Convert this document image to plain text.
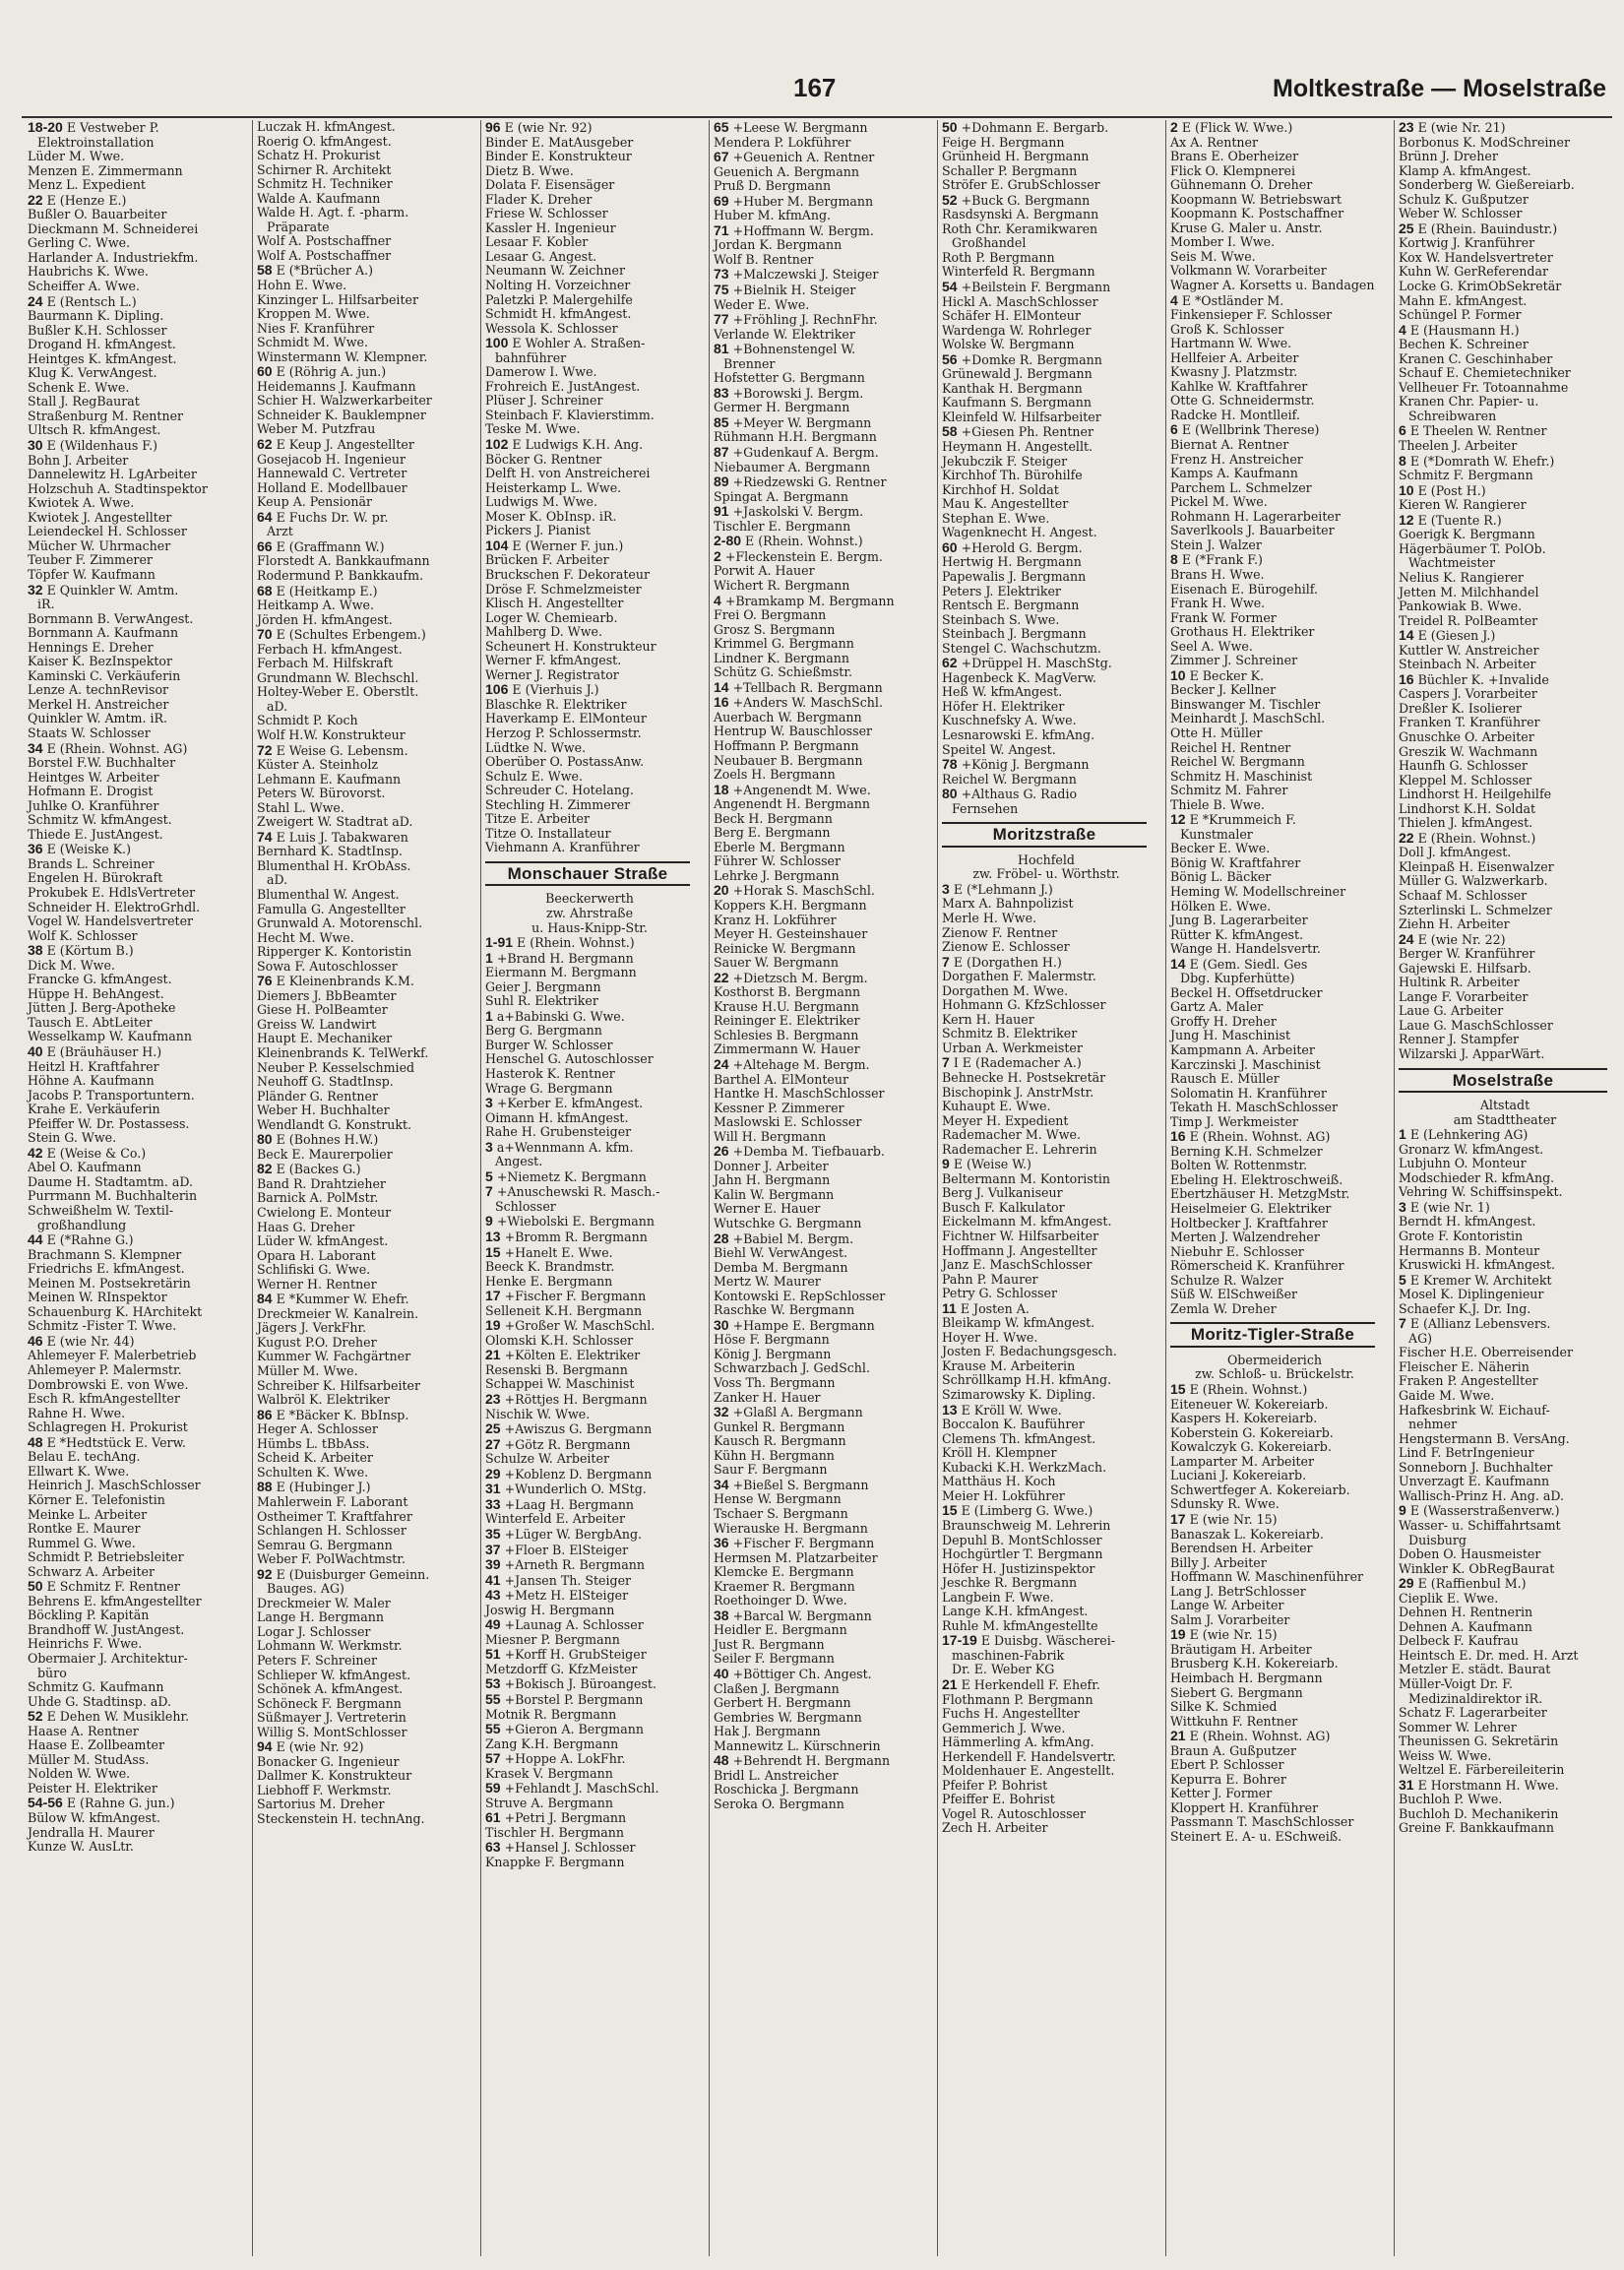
167	Moltkestraße — Moselstraße
18-20 E Vestweber P.
Elektroinstallation
Lüder M. Wwe.
Menzen E. Zimmermann
Menz L. Expedient
22 E (Henze E.)
Bußler O. Bauarbeiter
Dieckmann M. Schneiderei
Gerling C. Wwe.
Harlander A. Industriekfm.
Haubrichs K. Wwe.
Scheiffer A. Wwe.
24 E (Rentsch L.)
Baurmann K. Dipling.
Bußler K.H. Schlosser
Drogand H. kfmAngest.
Heintges K. kfmAngest.
Klug K. VerwAngest.
Schenk E. Wwe.
Stall J. RegBaurat
Straßenburg M. Rentner
Ultsch R. kfmAngest.
30 E (Wildenhaus F.)
Bohn J. Arbeiter
Dannelewitz H. LgArbeiter
Holzschuh A. Stadtinspektor
Kwiotek A. Wwe.
Kwiotek J. Angestellter
Leiendeckel H. Schlosser
Mücher W. Uhrmacher
Teuber F. Zimmerer
Töpfer W. Kaufmann
32 E Quinkler W. Amtm.
iR.
Bornmann B. VerwAngest.
Bornmann A. Kaufmann
Hennings E. Dreher
Kaiser K. BezInspektor
Kaminski C. Verkäuferin
Lenze A. technRevisor
Merkel H. Anstreicher
Quinkler W. Amtm. iR.
Staats W. Schlosser
34 E (Rhein. Wohnst. AG)
Borstel F.W. Buchhalter
Heintges W. Arbeiter
Hofmann E. Drogist
Juhlke O. Kranführer
Schmitz W. kfmAngest.
Thiede E. JustAngest.
36 E (Weiske K.)
Brands L. Schreiner
Engelen H. Bürokraft
Prokubek E. HdlsVertreter
Schneider H. ElektroGrhdl.
Vogel W. Handelsvertreter
Wolf K. Schlosser
38 E (Körtum B.)
Dick M. Wwe.
Francke G. kfmAngest.
Hüppe H. BehAngest.
Jütten J. Berg-Apotheke
Tausch E. AbtLeiter
Wesselkamp W. Kaufmann
40 E (Bräuhäuser H.)
Heitzl H. Kraftfahrer
Höhne A. Kaufmann
Jacobs P. Transportuntern.
Krahe E. Verkäuferin
Pfeiffer W. Dr. Postassess.
Stein G. Wwe.
42 E (Weise & Co.)
Abel O. Kaufmann
Daume H. Stadtamtm. aD.
Purrmann M. Buchhalterin
Schweißhelm W. Textil-
großhandlung
44 E (*Rahne G.)
Brachmann S. Klempner
Friedrichs E. kfmAngest.
Meinen M. Postsekretärin
Meinen W. RInspektor
Schauenburg K. HArchitekt
Schmitz -Fister T. Wwe.
46 E (wie Nr. 44)
Ahlemeyer F. Malerbetrieb
Ahlemeyer P. Malermstr.
Dombrowski E. von Wwe.
Esch R. kfmAngestellter
Rahne H. Wwe.
Schlagregen H. Prokurist
48 E *Hedtstück E. Verw.
Belau E. techAng.
Ellwart K. Wwe.
Heinrich J. MaschSchlosser
Körner E. Telefonistin
Meinke L. Arbeiter
Rontke E. Maurer
Rummel G. Wwe.
Schmidt P. Betriebsleiter
Schwarz A. Arbeiter
50 E Schmitz F. Rentner
Behrens E. kfmAngestellter
Böckling P. Kapitän
Brandhoff W. JustAngest.
Heinrichs F. Wwe.
Obermaier J. Architektur-
büro
Schmitz G. Kaufmann
Uhde G. Stadtinsp. aD.
52 E Dehen W. Musiklehr.
Haase A. Rentner
Haase E. Zollbeamter
Müller M. StudAss.
Nolden W. Wwe.
Peister H. Elektriker
54-56 E (Rahne G. jun.)
Bülow W. kfmAngest.
Jendralla H. Maurer
Kunze W. AusLtr.
Luczak H. kfmAngest.
Roerig O. kfmAngest.
Schatz H. Prokurist
Schirner R. Architekt
Schmitz H. Techniker
Walde A. Kaufmann
Walde H. Agt. f. -pharm.
Präparate
Wolf A. Postschaffner
Wolf A. Postschaffner
58 E (*Brücher A.)
Hohn E. Wwe.
Kinzinger L. Hilfsarbeiter
Kroppen M. Wwe.
Nies F. Kranführer
Schmidt M. Wwe.
Winstermann W. Klempner.
60 E (Röhrig A. jun.)
Heidemanns J. Kaufmann
Schier H. Walzwerkarbeiter
Schneider K. Bauklempner
Weber M. Putzfrau
62 E Keup J. Angestellter
Gosejacob H. Ingenieur
Hannewald C. Vertreter
Holland E. Modellbauer
Keup A. Pensionär
64 E Fuchs Dr. W. pr.
Arzt
66 E (Graffmann W.)
Florstedt A. Bankkaufmann
Rodermund P. Bankkaufm.
68 E (Heitkamp E.)
Heitkamp A. Wwe.
Jörden H. kfmAngest.
70 E (Schultes Erbengem.)
Ferbach H. kfmAngest.
Ferbach M. Hilfskraft
Grundmann W. Blechschl.
Holtey-Weber E. Oberstlt.
aD.
Schmidt P. Koch
Wolf H.W. Konstrukteur
72 E Weise G. Lebensm.
Küster A. Steinholz
Lehmann E. Kaufmann
Peters W. Bürovorst.
Stahl L. Wwe.
Zweigert W. Stadtrat aD.
74 E Luis J. Tabakwaren
Bernhard K. StadtInsp.
Blumenthal H. KrObAss.
aD.
Blumenthal W. Angest.
Famulla G. Angestellter
Grunwald A. Motorenschl.
Hecht M. Wwe.
Ripperger K. Kontoristin
Sowa F. Autoschlosser
76 E Kleinenbrands K.M.
Diemers J. BbBeamter
Giese H. PolBeamter
Greiss W. Landwirt
Haupt E. Mechaniker
Kleinenbrands K. TelWerkf.
Neuber P. Kesselschmied
Neuhoff G. StadtInsp.
Pländer G. Rentner
Weber H. Buchhalter
Wendlandt G. Konstrukt.
80 E (Bohnes H.W.)
Beck E. Maurerpolier
82 E (Backes G.)
Band R. Drahtzieher
Barnick A. PolMstr.
Cwielong E. Monteur
Haas G. Dreher
Lüder W. kfmAngest.
Opara H. Laborant
Schlifiski G. Wwe.
Werner H. Rentner
84 E *Kummer W. Ehefr.
Dreckmeier W. Kanalrein.
Jägers J. VerkFhr.
Kugust P.O. Dreher
Kummer W. Fachgärtner
Müller M. Wwe.
Schreiber K. Hilfsarbeiter
Walbröl K. Elektriker
86 E *Bäcker K. BbInsp.
Heger A. Schlosser
Hümbs L. tBbAss.
Scheid K. Arbeiter
Schulten K. Wwe.
88 E (Hubinger J.)
Mahlerwein F. Laborant
Ostheimer T. Kraftfahrer
Schlangen H. Schlosser
Semrau G. Bergmann
Weber F. PolWachtmstr.
92 E (Duisburger Gemeinn.
Bauges. AG)
Dreckmeier W. Maler
Lange H. Bergmann
Logar J. Schlosser
Lohmann W. Werkmstr.
Peters F. Schreiner
Schlieper W. kfmAngest.
Schönek A. kfmAngest.
Schöneck F. Bergmann
Süßmayer J. Vertreterin
Willig S. MontSchlosser
94 E (wie Nr. 92)
Bonacker G. Ingenieur
Dallmer K. Konstrukteur
Liebhoff F. Werkmstr.
Sartorius M. Dreher
Steckenstein H. technAng.
96 E (wie Nr. 92)
Binder E. MatAusgeber
Binder E. Konstrukteur
Dietz B. Wwe.
Dolata F. Eisensäger
Flader K. Dreher
Friese W. Schlosser
Kassler H. Ingenieur
Lesaar F. Kobler
Lesaar G. Angest.
Neumann W. Zeichner
Nolting H. Vorzeichner
Paletzki P. Malergehilfe
Schmidt H. kfmAngest.
Wessola K. Schlosser
100 E Wohler A. Straßen-
bahnführer
Damerow I. Wwe.
Frohreich E. JustAngest.
Plüser J. Schreiner
Steinbach F. Klavierstimm.
Teske M. Wwe.
102 E Ludwigs K.H. Ang.
Böcker G. Rentner
Delft H. von Anstreicherei
Heisterkamp L. Wwe.
Ludwigs M. Wwe.
Moser K. ObInsp. iR.
Pickers J. Pianist
104 E (Werner F. jun.)
Brücken F. Arbeiter
Bruckschen F. Dekorateur
Dröse F. Schmelzmeister
Klisch H. Angestellter
Loger W. Chemiearb.
Mahlberg D. Wwe.
Scheunert H. Konstrukteur
Werner F. kfmAngest.
Werner J. Registrator
106 E (Vierhuis J.)
Blaschke R. Elektriker
Haverkamp E. ElMonteur
Herzog P. Schlossermstr.
Lüdtke N. Wwe.
Oberüber O. PostassAnw.
Schulz E. Wwe.
Schreuder C. Hotelang.
Stechling H. Zimmerer
Titze E. Arbeiter
Titze O. Installateur
Viehmann A. Kranführer
Monschauer Straße
Beeckerwerth
zw. Ahrstraße
u. Haus-Knipp-Str.
1-91 E (Rhein. Wohnst.)
1 +Brand H. Bergmann
Eiermann M. Bergmann
Geier J. Bergmann
Suhl R. Elektriker
1 a+Babinski G. Wwe.
Berg G. Bergmann
Burger W. Schlosser
Henschel G. Autoschlosser
Hasterok K. Rentner
Wrage G. Bergmann
3 +Kerber E. kfmAngest.
Oimann H. kfmAngest.
Rahe H. Grubensteiger
3 a+Wennmann A. kfm.
Angest.
5 +Niemetz K. Bergmann
7 +Anuschewski R. Masch.-
Schlosser
9 +Wiebolski E. Bergmann
13 +Bromm R. Bergmann
15 +Hanelt E. Wwe.
Beeck K. Brandmstr.
Henke E. Bergmann
17 +Fischer F. Bergmann
Selleneit K.H. Bergmann
19 +Großer W. MaschSchl.
Olomski K.H. Schlosser
21 +Költen E. Elektriker
Resenski B. Bergmann
Schappei W. Maschinist
23 +Röttjes H. Bergmann
Nischik W. Wwe.
25 +Awiszus G. Bergmann
27 +Götz R. Bergmann
Schulze W. Arbeiter
29 +Koblenz D. Bergmann
31 +Wunderlich O. MStg.
33 +Laag H. Bergmann
Winterfeld E. Arbeiter
35 +Lüger W. BergbAng.
37 +Floer B. ElSteiger
39 +Arneth R. Bergmann
41 +Jansen Th. Steiger
43 +Metz H. ElSteiger
Joswig H. Bergmann
49 +Launag A. Schlosser
Miesner P. Bergmann
51 +Korff H. GrubSteiger
Metzdorff G. KfzMeister
53 +Bokisch J. Büroangest.
55 +Borstel P. Bergmann
Motnik R. Bergmann
55 +Gieron A. Bergmann
Zang K.H. Bergmann
57 +Hoppe A. LokFhr.
Krasek V. Bergmann
59 +Fehlandt J. MaschSchl.
Struve A. Bergmann
61 +Petri J. Bergmann
Tischler H. Bergmann
63 +Hansel J. Schlosser
Knappke F. Bergmann
65 +Leese W. Bergmann
Mendera P. Lokführer
67 +Geuenich A. Rentner
Geuenich A. Bergmann
Pruß D. Bergmann
69 +Huber M. Bergmann
Huber M. kfmAng.
71 +Hoffmann W. Bergm.
Jordan K. Bergmann
Wolf B. Rentner
73 +Malczewski J. Steiger
75 +Bielnik H. Steiger
Weder E. Wwe.
77 +Fröhling J. RechnFhr.
Verlande W. Elektriker
81 +Bohnenstengel W.
Brenner
Hofstetter G. Bergmann
83 +Borowski J. Bergm.
Germer H. Bergmann
85 +Meyer W. Bergmann
Rühmann H.H. Bergmann
87 +Gudenkauf A. Bergm.
Niebaumer A. Bergmann
89 +Riedzewski G. Rentner
Spingat A. Bergmann
91 +Jaskolski V. Bergm.
Tischler E. Bergmann
2-80 E (Rhein. Wohnst.)
2 +Fleckenstein E. Bergm.
Porwit A. Hauer
Wichert R. Bergmann
4 +Bramkamp M. Bergmann
Frei O. Bergmann
Grosz S. Bergmann
Krimmel G. Bergmann
Lindner K. Bergmann
Schütz G. Schießmstr.
14 +Tellbach R. Bergmann
16 +Anders W. MaschSchl.
Auerbach W. Bergmann
Hentrup W. Bauschlosser
Hoffmann P. Bergmann
Neubauer B. Bergmann
Zoels H. Bergmann
18 +Angenendt M. Wwe.
Angenendt H. Bergmann
Beck H. Bergmann
Berg E. Bergmann
Eberle M. Bergmann
Führer W. Schlosser
Lehrke J. Bergmann
20 +Horak S. MaschSchl.
Koppers K.H. Bergmann
Kranz H. Lokführer
Meyer H. Gesteinshauer
Reinicke W. Bergmann
Sauer W. Bergmann
22 +Dietzsch M. Bergm.
Kosthorst B. Bergmann
Krause H.U. Bergmann
Reininger E. Elektriker
Schlesies B. Bergmann
Zimmermann W. Hauer
24 +Altehage M. Bergm.
Barthel A. ElMonteur
Hantke H. MaschSchlosser
Kessner P. Zimmerer
Maslowski E. Schlosser
Will H. Bergmann
26 +Demba M. Tiefbauarb.
Donner J. Arbeiter
Jahn H. Bergmann
Kalin W. Bergmann
Werner E. Hauer
Wutschke G. Bergmann
28 +Babiel M. Bergm.
Biehl W. VerwAngest.
Demba M. Bergmann
Mertz W. Maurer
Kontowski E. RepSchlosser
Raschke W. Bergmann
30 +Hampe E. Bergmann
Höse F. Bergmann
König J. Bergmann
Schwarzbach J. GedSchl.
Voss Th. Bergmann
Zanker H. Hauer
32 +Glaßl A. Bergmann
Gunkel R. Bergmann
Kausch R. Bergmann
Kühn H. Bergmann
Saur F. Bergmann
34 +Bießel S. Bergmann
Hense W. Bergmann
Tschaer S. Bergmann
Wierauske H. Bergmann
36 +Fischer F. Bergmann
Hermsen M. Platzarbeiter
Klemcke E. Bergmann
Kraemer R. Bergmann
Roethoinger D. Wwe.
38 +Barcal W. Bergmann
Heidler E. Bergmann
Just R. Bergmann
Seiler F. Bergmann
40 +Böttiger Ch. Angest.
Claßen J. Bergmann
Gerbert H. Bergmann
Gembries W. Bergmann
Hak J. Bergmann
Mannewitz L. Kürschnerin
48 +Behrendt H. Bergmann
Bridl L. Anstreicher
Roschicka J. Bergmann
Seroka O. Bergmann
50 +Dohmann E. Bergarb.
Feige H. Bergmann
Grünheid H. Bergmann
Schaller P. Bergmann
Ströfer E. GrubSchlosser
52 +Buck G. Bergmann
Rasdsynski A. Bergmann
Roth Chr. Keramikwaren
Großhandel
Roth P. Bergmann
Winterfeld R. Bergmann
54 +Beilstein F. Bergmann
Hickl A. MaschSchlosser
Schäfer H. ElMonteur
Wardenga W. Rohrleger
Wolske W. Bergmann
56 +Domke R. Bergmann
Grünewald J. Bergmann
Kanthak H. Bergmann
Kaufmann S. Bergmann
Kleinfeld W. Hilfsarbeiter
58 +Giesen Ph. Rentner
Heymann H. Angestellt.
Jekubczik F. Steiger
Kirchhof Th. Bürohilfe
Kirchhof H. Soldat
Mau K. Angestellter
Stephan E. Wwe.
Wagenknecht H. Angest.
60 +Herold G. Bergm.
Hertwig H. Bergmann
Papewalis J. Bergmann
Peters J. Elektriker
Rentsch E. Bergmann
Steinbach S. Wwe.
Steinbach J. Bergmann
Stengel C. Wachschutzm.
62 +Drüppel H. MaschStg.
Hagenbeck K. MagVerw.
Heß W. kfmAngest.
Höfer H. Elektriker
Kuschnefsky A. Wwe.
Lesnarowski E. kfmAng.
Speitel W. Angest.
78 +König J. Bergmann
Reichel W. Bergmann
80 +Althaus G. Radio
Fernsehen
Moritzstraße
Hochfeld
zw. Fröbel- u. Wörthstr.
3 E (*Lehmann J.)
Marx A. Bahnpolizist
Merle H. Wwe.
Zienow F. Rentner
Zienow E. Schlosser
7 E (Dorgathen H.)
Dorgathen F. Malermstr.
Dorgathen M. Wwe.
Hohmann G. KfzSchlosser
Kern H. Hauer
Schmitz B. Elektriker
Urban A. Werkmeister
7 I E (Rademacher A.)
Behnecke H. Postsekretär
Bischopink J. AnstrMstr.
Kuhaupt E. Wwe.
Meyer H. Expedient
Rademacher M. Wwe.
Rademacher E. Lehrerin
9 E (Weise W.)
Beltermann M. Kontoristin
Berg J. Vulkaniseur
Busch F. Kalkulator
Eickelmann M. kfmAngest.
Fichtner W. Hilfsarbeiter
Hoffmann J. Angestellter
Janz E. MaschSchlosser
Pahn P. Maurer
Petry G. Schlosser
11 E Josten A.
Bleikamp W. kfmAngest.
Hoyer H. Wwe.
Josten F. Bedachungsgesch.
Krause M. Arbeiterin
Schröllkamp H.H. kfmAng.
Szimarowsky K. Dipling.
13 E Kröll W. Wwe.
Boccalon K. Bauführer
Clemens Th. kfmAngest.
Kröll H. Klempner
Kubacki K.H. WerkzMach.
Matthäus H. Koch
Meier H. Lokführer
15 E (Limberg G. Wwe.)
Braunschweig M. Lehrerin
Depuhl B. MontSchlosser
Hochgürtler T. Bergmann
Höfer H. Justizinspektor
Jeschke R. Bergmann
Langbein F. Wwe.
Lange K.H. kfmAngest.
Ruhle M. kfmAngestellte
17-19 E Duisbg. Wäscherei-
maschinen-Fabrik
Dr. E. Weber KG
21 E Herkendell F. Ehefr.
Flothmann P. Bergmann
Fuchs H. Angestellter
Gemmerich J. Wwe.
Hämmerling A. kfmAng.
Herkendell F. Handelsvertr.
Moldenhauer E. Angestellt.
Pfeifer P. Bohrist
Pfeiffer E. Bohrist
Vogel R. Autoschlosser
Zech H. Arbeiter
2 E (Flick W. Wwe.)
Ax A. Rentner
Brans E. Oberheizer
Flick O. Klempnerei
Gühnemann O. Dreher
Koopmann W. Betriebswart
Koopmann K. Postschaffner
Kruse G. Maler u. Anstr.
Momber I. Wwe.
Seis M. Wwe.
Volkmann W. Vorarbeiter
Wagner A. Korsetts u. Bandagen
4 E *Ostländer M.
Finkensieper F. Schlosser
Groß K. Schlosser
Hartmann W. Wwe.
Hellfeier A. Arbeiter
Kwasny J. Platzmstr.
Kahlke W. Kraftfahrer
Otte G. Schneidermstr.
Radcke H. Montlleif.
6 E (Wellbrink Therese)
Biernat A. Rentner
Frenz H. Anstreicher
Kamps A. Kaufmann
Parchem L. Schmelzer
Pickel M. Wwe.
Rohmann H. Lagerarbeiter
Saverlkools J. Bauarbeiter
Stein J. Walzer
8 E (*Frank F.)
Brans H. Wwe.
Eisenach E. Bürogehilf.
Frank H. Wwe.
Frank W. Former
Grothaus H. Elektriker
Seel A. Wwe.
Zimmer J. Schreiner
10 E Becker K.
Becker J. Kellner
Binswanger M. Tischler
Meinhardt J. MaschSchl.
Otte H. Müller
Reichel H. Rentner
Reichel W. Bergmann
Schmitz H. Maschinist
Schmitz M. Fahrer
Thiele B. Wwe.
12 E *Krummeich F.
Kunstmaler
Becker E. Wwe.
Bönig W. Kraftfahrer
Bönig L. Bäcker
Heming W. Modellschreiner
Hölken E. Wwe.
Jung B. Lagerarbeiter
Rütter K. kfmAngest.
Wange H. Handelsvertr.
14 E (Gem. Siedl. Ges
Dbg. Kupferhütte)
Beckel H. Offsetdrucker
Gartz A. Maler
Groffy H. Dreher
Jung H. Maschinist
Kampmann A. Arbeiter
Karczinski J. Maschinist
Rausch E. Müller
Solomatin H. Kranführer
Tekath H. MaschSchlosser
Timp J. Werkmeister
16 E (Rhein. Wohnst. AG)
Berning K.H. Schmelzer
Bolten W. Rottenmstr.
Ebeling H. Elektroschweiß.
Ebertzhäuser H. MetzgMstr.
Heiselmeier G. Elektriker
Holtbecker J. Kraftfahrer
Merten J. Walzendreher
Niebuhr E. Schlosser
Römerscheid K. Kranführer
Schulze R. Walzer
Süß W. ElSchweißer
Zemla W. Dreher
Moritz-Tigler-Straße
Obermeiderich
zw. Schloß- u. Brückelstr.
15 E (Rhein. Wohnst.)
Eiteneuer W. Kokereiarb.
Kaspers H. Kokereiarb.
Koberstein G. Kokereiarb.
Kowalczyk G. Kokereiarb.
Lamparter M. Arbeiter
Luciani J. Kokereiarb.
Schwertfeger A. Kokereiarb.
Sdunsky R. Wwe.
17 E (wie Nr. 15)
Banaszak L. Kokereiarb.
Berendsen H. Arbeiter
Billy J. Arbeiter
Hoffmann W. Maschinenführer
Lang J. BetrSchlosser
Lange W. Arbeiter
Salm J. Vorarbeiter
19 E (wie Nr. 15)
Bräutigam H. Arbeiter
Brusberg K.H. Kokereiarb.
Heimbach H. Bergmann
Siebert G. Bergmann
Silke K. Schmied
Wittkuhn F. Rentner
21 E (Rhein. Wohnst. AG)
Braun A. Gußputzer
Ebert P. Schlosser
Kepurra E. Bohrer
Ketter J. Former
Kloppert H. Kranführer
Passmann T. MaschSchlosser
Steinert E. A- u. ESchweiß.
23 E (wie Nr. 21)
Borbonus K. ModSchreiner
Brünn J. Dreher
Klamp A. kfmAngest.
Sonderberg W. Gießereiarb.
Schulz K. Gußputzer
Weber W. Schlosser
25 E (Rhein. Bauindustr.)
Kortwig J. Kranführer
Kox W. Handelsvertreter
Kuhn W. GerReferendar
Locke G. KrimObSekretär
Mahn E. kfmAngest.
Schüngel P. Former
4 E (Hausmann H.)
Bechen K. Schreiner
Kranen C. Geschinhaber
Schauf E. Chemietechniker
Vellheuer Fr. Totoannahme
Kranen Chr. Papier- u.
Schreibwaren
6 E Theelen W. Rentner
Theelen J. Arbeiter
8 E (*Domrath W. Ehefr.)
Schmitz F. Bergmann
10 E (Post H.)
Kieren W. Rangierer
12 E (Tuente R.)
Goerigk K. Bergmann
Hägerbäumer T. PolOb.
Wachtmeister
Nelius K. Rangierer
Jetten M. Milchhandel
Pankowiak B. Wwe.
Treidel R. PolBeamter
14 E (Giesen J.)
Kuttler W. Anstreicher
Steinbach N. Arbeiter
16 Büchler K. +Invalide
Caspers J. Vorarbeiter
Dreßler K. Isolierer
Franken T. Kranführer
Gnuschke O. Arbeiter
Greszik W. Wachmann
Haunfh G. Schlosser
Kleppel M. Schlosser
Lindhorst H. Heilgehilfe
Lindhorst K.H. Soldat
Thielen J. kfmAngest.
22 E (Rhein. Wohnst.)
Doll J. kfmAngest.
Kleinpaß H. Eisenwalzer
Müller G. Walzwerkarb.
Schaaf M. Schlosser
Szterlinski L. Schmelzer
Ziehn H. Arbeiter
24 E (wie Nr. 22)
Berger W. Kranführer
Gajewski E. Hilfsarb.
Hultink R. Arbeiter
Lange F. Vorarbeiter
Laue G. Arbeiter
Laue G. MaschSchlosser
Renner J. Stampfer
Wilzarski J. ApparWärt.
Moselstraße
Altstadt
am Stadttheater
1 E (Lehnkering AG)
Gronarz W. kfmAngest.
Lubjuhn O. Monteur
Modschieder R. kfmAng.
Vehring W. Schiffsinspekt.
3 E (wie Nr. 1)
Berndt H. kfmAngest.
Grote F. Kontoristin
Hermanns B. Monteur
Kruswicki H. kfmAngest.
5 E Kremer W. Architekt
Mosel K. Diplingenieur
Schaefer K.J. Dr. Ing.
7 E (Allianz Lebensvers.
AG)
Fischer H.E. Oberreisender
Fleischer E. Näherin
Fraken P. Angestellter
Gaide M. Wwe.
Hafkesbrink W. Eichauf-
nehmer
Hengstermann B. VersAng.
Lind F. BetrIngenieur
Sonneborn J. Buchhalter
Unverzagt E. Kaufmann
Wallisch-Prinz H. Ang. aD.
9 E (Wasserstraßenverw.)
Wasser- u. Schiffahrtsamt
Duisburg
Doben O. Hausmeister
Winkler K. ObRegBaurat
29 E (Raffienbul M.)
Cieplik E. Wwe.
Dehnen H. Rentnerin
Dehnen A. Kaufmann
Delbeck F. Kaufrau
Heintsch E. Dr. med. H. Arzt
Metzler E. städt. Baurat
Müller-Voigt Dr. F.
Medizinaldirektor iR.
Schatz F. Lagerarbeiter
Sommer W. Lehrer
Theunissen G. Sekretärin
Weiss W. Wwe.
Weltzel E. Färbereileiterin
31 E Horstmann H. Wwe.
Buchloh P. Wwe.
Buchloh D. Mechanikerin
Greine F. Bankkaufmann
